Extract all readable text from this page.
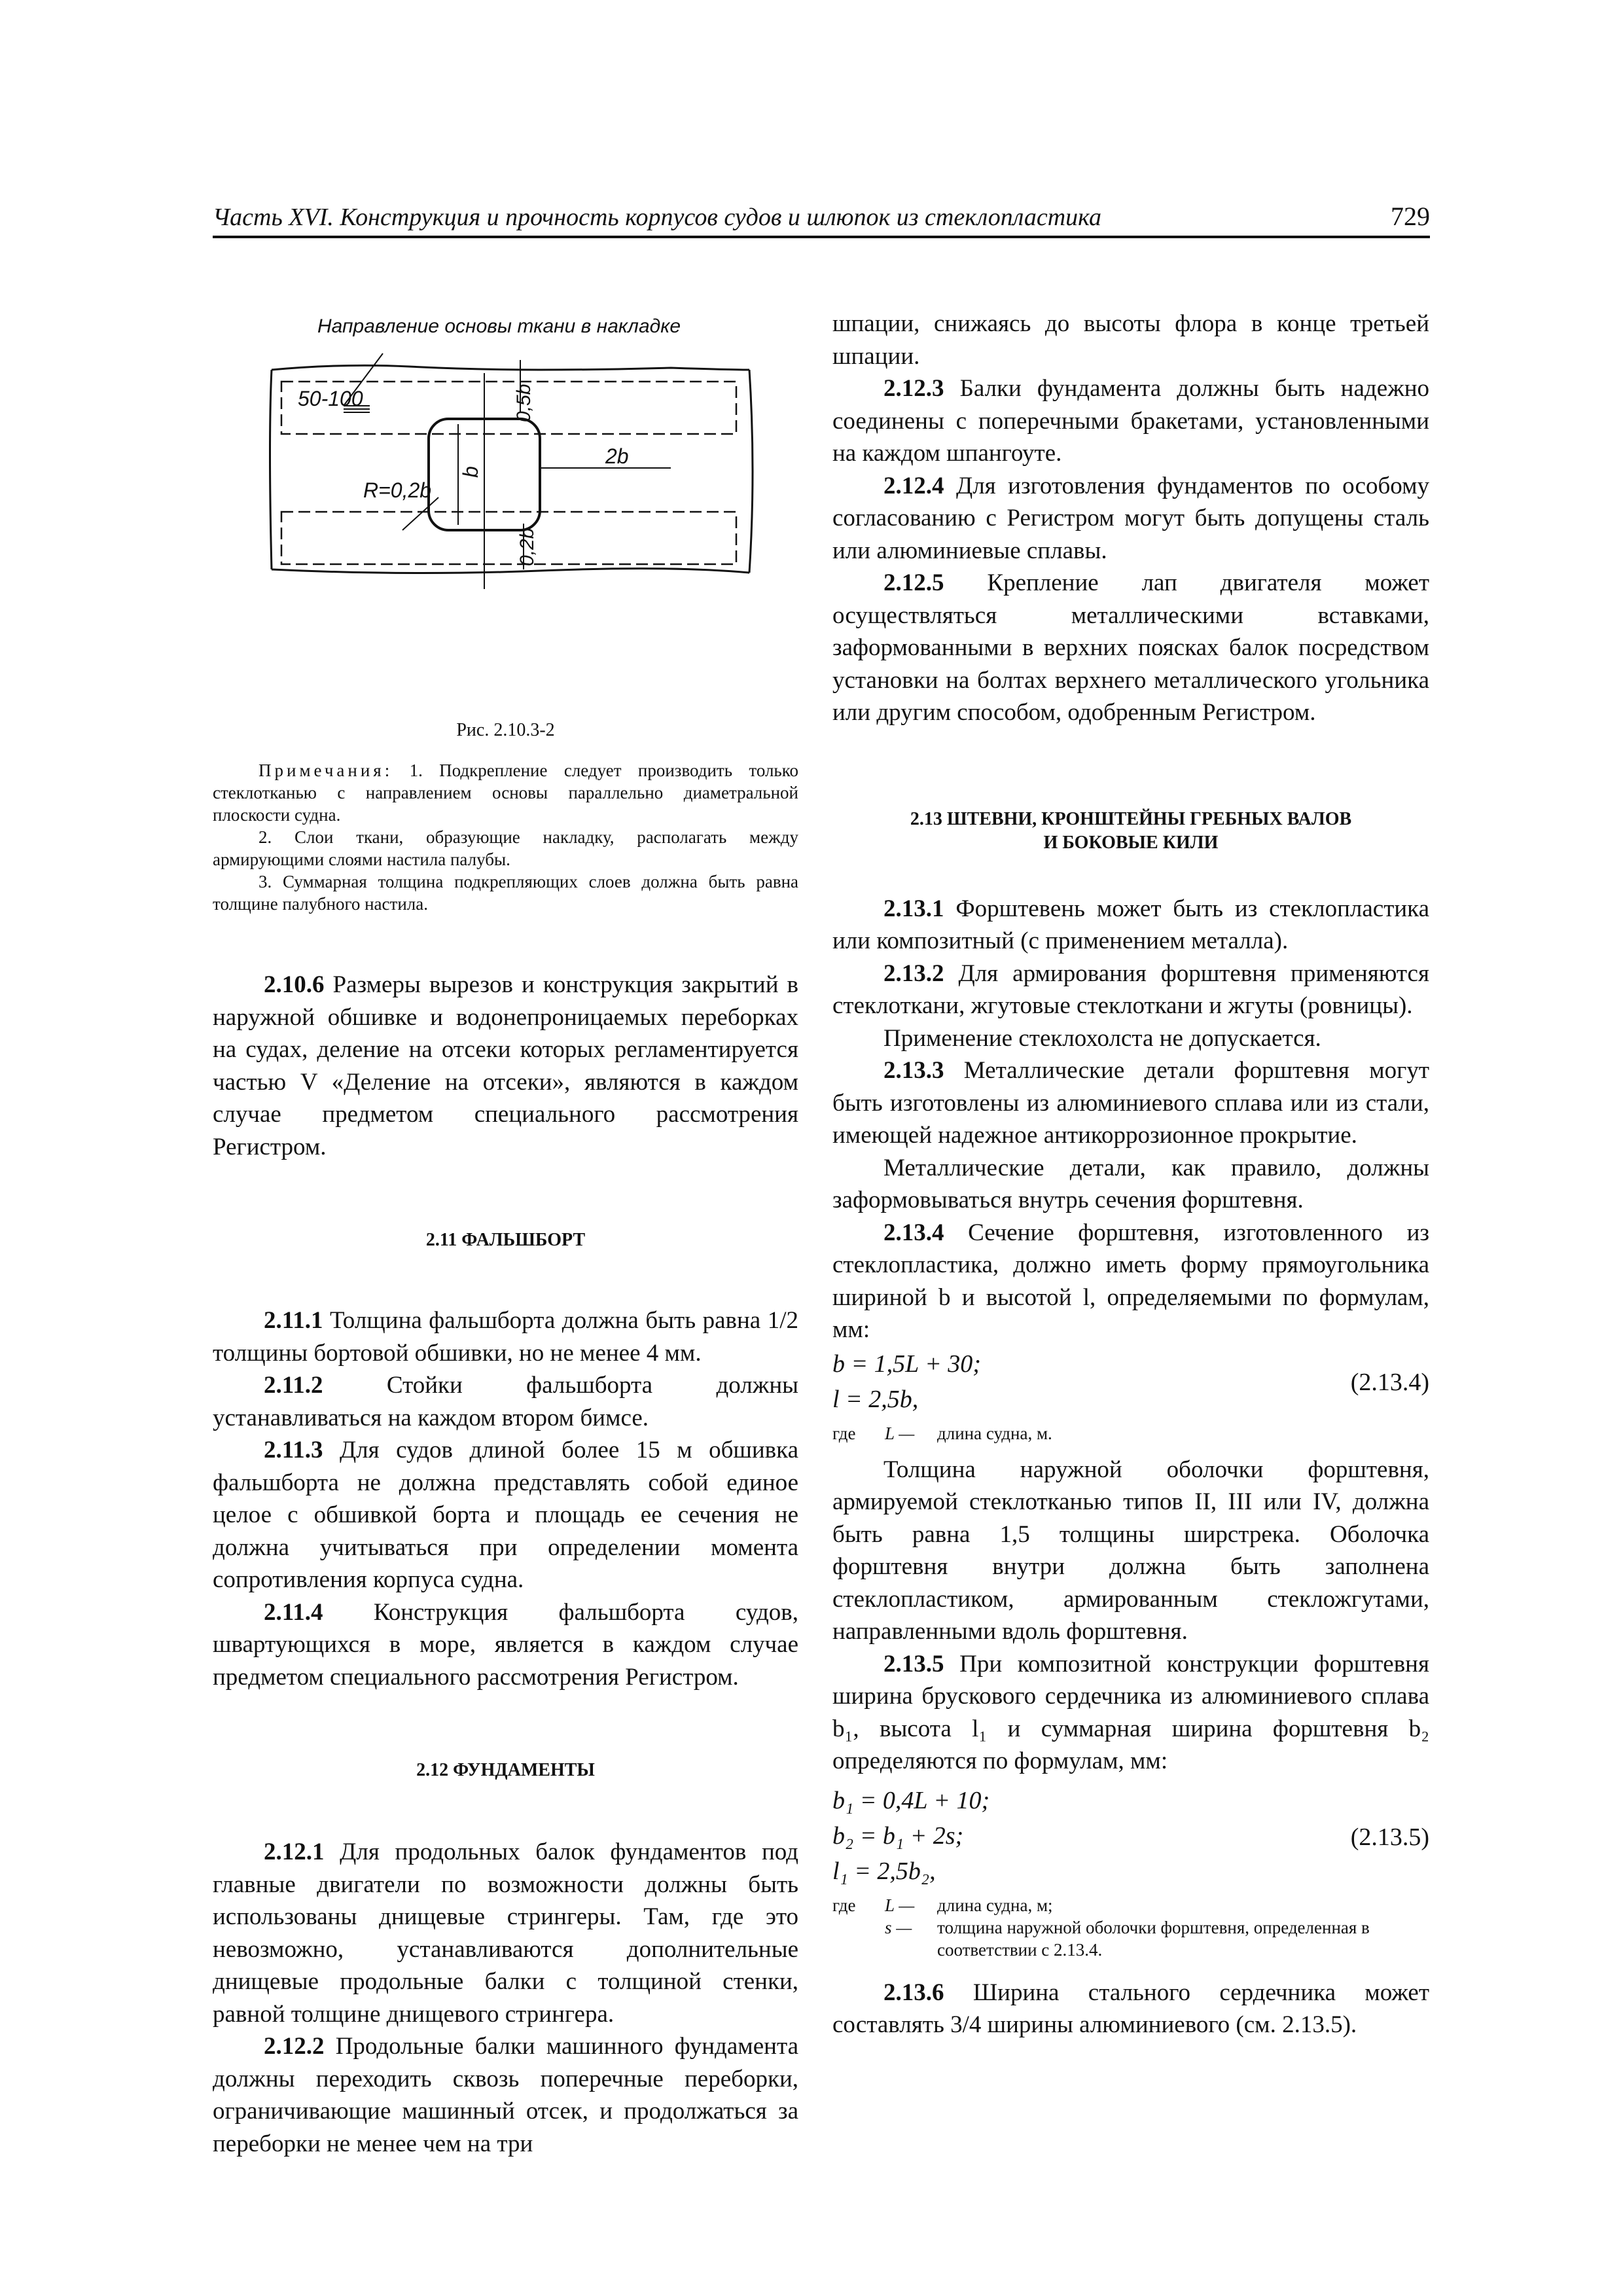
Часть XVI. Конструкция и прочность корпусов судов и шлюпок из стеклопластика	729
Направление основы ткани в накладке
50-100	0,5b
2b
R=0,2b
b
0,2b
Рис. 2.10.3-2
Примечания: 1. Подкрепление следует производить только стеклотканью с направлением основы параллельно диаметральной плоскости судна.
2. Слои ткани, образующие накладку, располагать между армирующими слоями настила палубы.
3. Суммарная толщина подкрепляющих слоев должна быть равна толщине палубного настила.

2.10.6 Размеры вырезов и конструкция закрытий в наружной обшивке и водонепроницаемых переборках на судах, деление на отсеки которых регламентируется частью V «Деление на отсеки», являются в каждом случае предметом специального рассмотрения Регистром.

2.11 ФАЛЬШБОРТ

2.11.1 Толщина фальшборта должна быть равна 1/2 толщины бортовой обшивки, но не менее 4 мм.

2.11.2	Стойки фальшборта должны устанавливаться на каждом втором бимсе.

2.11.3 Для судов длиной более 15 м обшивка фальшборта не должна представлять собой единое целое с обшивкой борта и площадь ее сечения не должна учитываться при определении момента сопротивления корпуса судна.

2.11.4 Конструкция фальшборта судов, швартующихся в море, является в каждом случае предметом специального рассмотрения Регистром.

2.12 ФУНДАМЕНТЫ

2.12.1 Для продольных балок фундаментов под главные двигатели по возможности должны быть использованы днищевые стрингеры. Там, где это невозможно, устанавливаются дополнительные днищевые продольные балки с толщиной стенки, равной толщине днищевого стрингера.

2.12.2 Продольные балки машинного фундамента должны переходить сквозь поперечные переборки, ограничивающие машинный отсек, и продолжаться за переборки не менее чем на три

шпации, снижаясь до высоты флора в конце третьей шпации.

2.12.3 Балки фундамента должны быть надежно соединены с поперечными бракетами, установленными на каждом шпангоуте.

2.12.4 Для изготовления фундаментов по особому согласованию с Регистром могут быть допущены сталь или алюминиевые сплавы.

2.12.5 Крепление лап двигателя может осуществляться металлическими вставками, заформованными в верхних поясках балок посредством установки на болтах верхнего металлического угольника или другим способом, одобренным Регистром.

2.13 ШТЕВНИ, КРОНШТЕЙНЫ ГРЕБНЫХ ВАЛОВ
И БОКОВЫЕ КИЛИ

2.13.1 Форштевень может быть из стеклопластика или композитный (с применением металла).

2.13.2 Для армирования форштевня применяются стеклоткани, жгутовые стеклоткани и жгуты (ровницы).

Применение стеклохолста не допускается.

2.13.3 Металлические детали форштевня могут быть изготовлены из алюминиевого сплава или из стали, имеющей надежное антикоррозионное прокрытие.

Металлические детали, как правило, должны заформовываться внутрь сечения форштевня.

2.13.4 Сечение форштевня, изготовленного из стеклопластика, должно иметь форму прямоугольника шириной b и высотой l, определяемыми по формулам, мм:

b = 1,5L + 30;
l = 2,5b,
(2.13.4)
где	L —	длина судна, м.

Толщина наружной оболочки форштевня, армируемой стеклотканью типов II, III или IV, должна быть равна 1,5 толщины ширстрека. Оболочка форштевня внутри должна быть заполнена стеклопластиком, армированным стекложгутами, направленными вдоль форштевня.

2.13.5 При композитной конструкции форштевня ширина брускового сердечника из алюминиевого сплава b₁, высота l₁ и суммарная ширина форштевня b₂ определяются по формулам, мм:

b₁ = 0,4L + 10;
b₂ = b₁ + 2s;
l₁ = 2,5b₂,
(2.13.5)
где	L —	длина судна, м;
s —	толщина наружной оболочки форштевня, определенная в соответствии с 2.13.4.

2.13.6 Ширина стального сердечника может составлять 3/4 ширины алюминиевого (см. 2.13.5).
